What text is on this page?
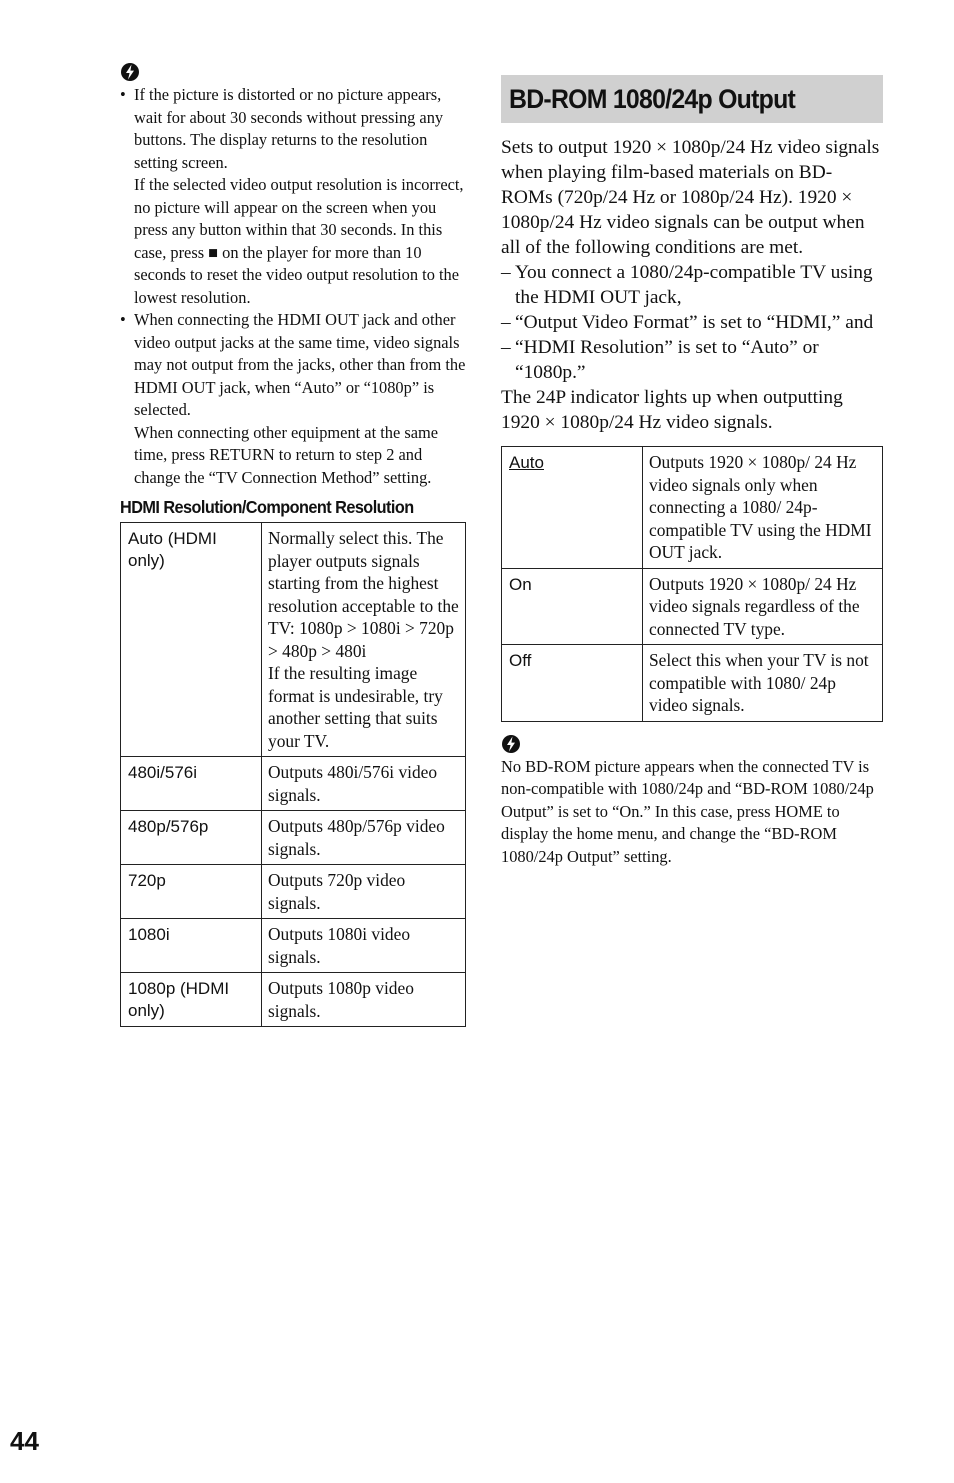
• If the picture is distorted or no picture appears, wait for about 30 seconds without pressing any buttons. The display returns to the resolution setting screen.

If the selected video output resolution is incorrect, no picture will appear on the screen when you press any button within that 30 seconds. In this case, press ■ on the player for more than 10 seconds to reset the video output resolution to the lowest resolution.

• When connecting the HDMI OUT jack and other video output jacks at the same time, video signals may not output from the jacks, other than from the HDMI OUT jack, when “Auto” or “1080p” is selected.

When connecting other equipment at the same time, press RETURN to return to step 2 and change the “TV Connection Method” setting.

HDMI Resolution/Component Resolution
Auto (HDMI only)	Normally select this. The player outputs signals starting from the highest resolution acceptable to the TV: 1080p > 1080i > 720p > 480p > 480i
If the resulting image format is undesirable, try another setting that suits your TV.
480i/576i	Outputs 480i/576i video signals.
480p/576p	Outputs 480p/576p video signals.
720p	Outputs 720p video signals.
1080i	Outputs 1080i video signals.
1080p (HDMI only)	Outputs 1080p video signals.
BD-ROM 1080/24p Output

Sets to output 1920 × 1080p/24 Hz video signals when playing film-based materials on BD-ROMs (720p/24 Hz or 1080p/24 Hz). 1920 × 1080p/24 Hz video signals can be output when all of the following conditions are met.

– You connect a 1080/24p-compatible TV using the HDMI OUT jack,
– “Output Video Format” is set to “HDMI,” and
– “HDMI Resolution” is set to “Auto” or “1080p.”

The 24P indicator lights up when outputting 1920 × 1080p/24 Hz video signals.

Auto	Outputs 1920 × 1080p/ 24 Hz video signals only when connecting a 1080/ 24p-compatible TV using the HDMI OUT jack.
On	Outputs 1920 × 1080p/ 24 Hz video signals regardless of the connected TV type.
Off	Select this when your TV is not compatible with 1080/ 24p video signals.

No BD-ROM picture appears when the connected TV is non-compatible with 1080/24p and “BD-ROM 1080/24p Output” is set to “On.” In this case, press HOME to display the home menu, and change the “BD-ROM 1080/24p Output” setting.

44
